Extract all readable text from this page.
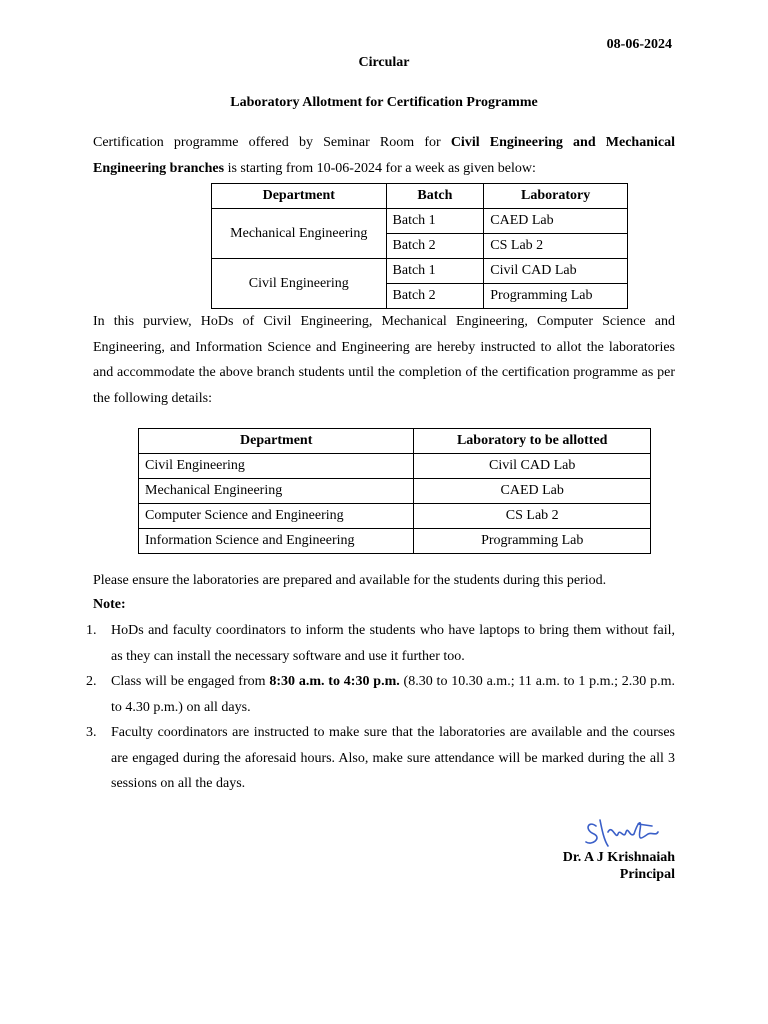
08-06-2024
Circular
Laboratory Allotment for Certification Programme
Certification programme offered by Seminar Room for Civil Engineering and Mechanical Engineering branches is starting from 10-06-2024 for a week as given below:
Department	Batch	Laboratory
Mechanical Engineering	Batch 1	CAED Lab
	Batch 2	CS Lab 2
Civil Engineering	Batch 1	Civil CAD Lab
	Batch 2	Programming Lab
In this purview, HoDs of Civil Engineering, Mechanical Engineering, Computer Science and Engineering, and Information Science and Engineering are hereby instructed to allot the laboratories and accommodate the above branch students until the completion of the certification programme as per the following details:
Department	Laboratory to be allotted
Civil Engineering	Civil CAD Lab
Mechanical Engineering	CAED Lab
Computer Science and Engineering	CS Lab 2
Information Science and Engineering	Programming Lab
Please ensure the laboratories are prepared and available for the students during this period.
Note:
1. HoDs and faculty coordinators to inform the students who have laptops to bring them without fail, as they can install the necessary software and use it further too.
2. Class will be engaged from 8:30 a.m. to 4:30 p.m. (8.30 to 10.30 a.m.; 11 a.m. to 1 p.m.; 2.30 p.m. to 4.30 p.m.) on all days.
3. Faculty coordinators are instructed to make sure that the laboratories are available and the courses are engaged during the aforesaid hours. Also, make sure attendance will be marked during the all 3 sessions on all the days.
Dr. A J Krishnaiah
Principal
